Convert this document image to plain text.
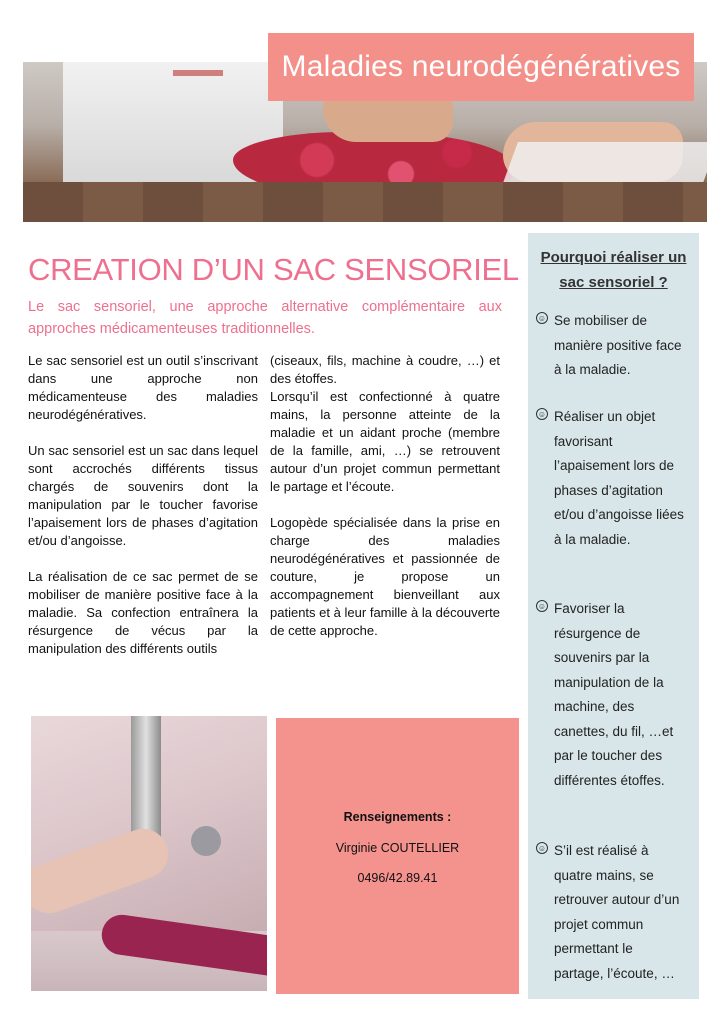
Maladies neurodégénératives
CREATION D’UN SAC SENSORIEL

Le sac sensoriel, une approche alternative complémentaire aux approches médicamenteuses traditionnelles.

Le sac sensoriel est un outil s’inscrivant dans une approche non médicamenteuse des maladies neurodégénératives.

Un sac sensoriel est un sac dans lequel sont accrochés différents tissus chargés de souvenirs dont la manipulation par le toucher favorise l’apaisement lors de phases d’agitation et/ou d’angoisse.

La réalisation de ce sac permet de se mobiliser de manière positive face à la maladie. Sa confection entraînera la résurgence de vécus par la manipulation des différents outils

(ciseaux, fils, machine à coudre, …) et des étoffes.

Lorsqu’il est confectionné à quatre mains, la personne atteinte de la maladie et un aidant proche (membre de la famille, ami, …) se retrouvent autour d’un projet commun permettant le partage et l’écoute.

Logopède spécialisée dans la prise en charge des maladies neurodégénératives et passionnée de couture, je propose un accompagnement bienveillant aux patients et à leur famille à la découverte de cette approche.

Pourquoi réaliser un sac sensoriel ?
☺ Se mobiliser de manière positive face à la maladie.
☺ Réaliser un objet favorisant l’apaisement lors de phases d’agitation et/ou d’angoisse liées à la maladie.
☺ Favoriser la résurgence de souvenirs par la manipulation de la machine, des canettes, du fil, …et par le toucher des différentes étoffes.
☺ S’il est réalisé à quatre mains, se retrouver autour d’un projet commun permettant le partage, l’écoute, …
Renseignements :
Virginie COUTELLIER
0496/42.89.41
